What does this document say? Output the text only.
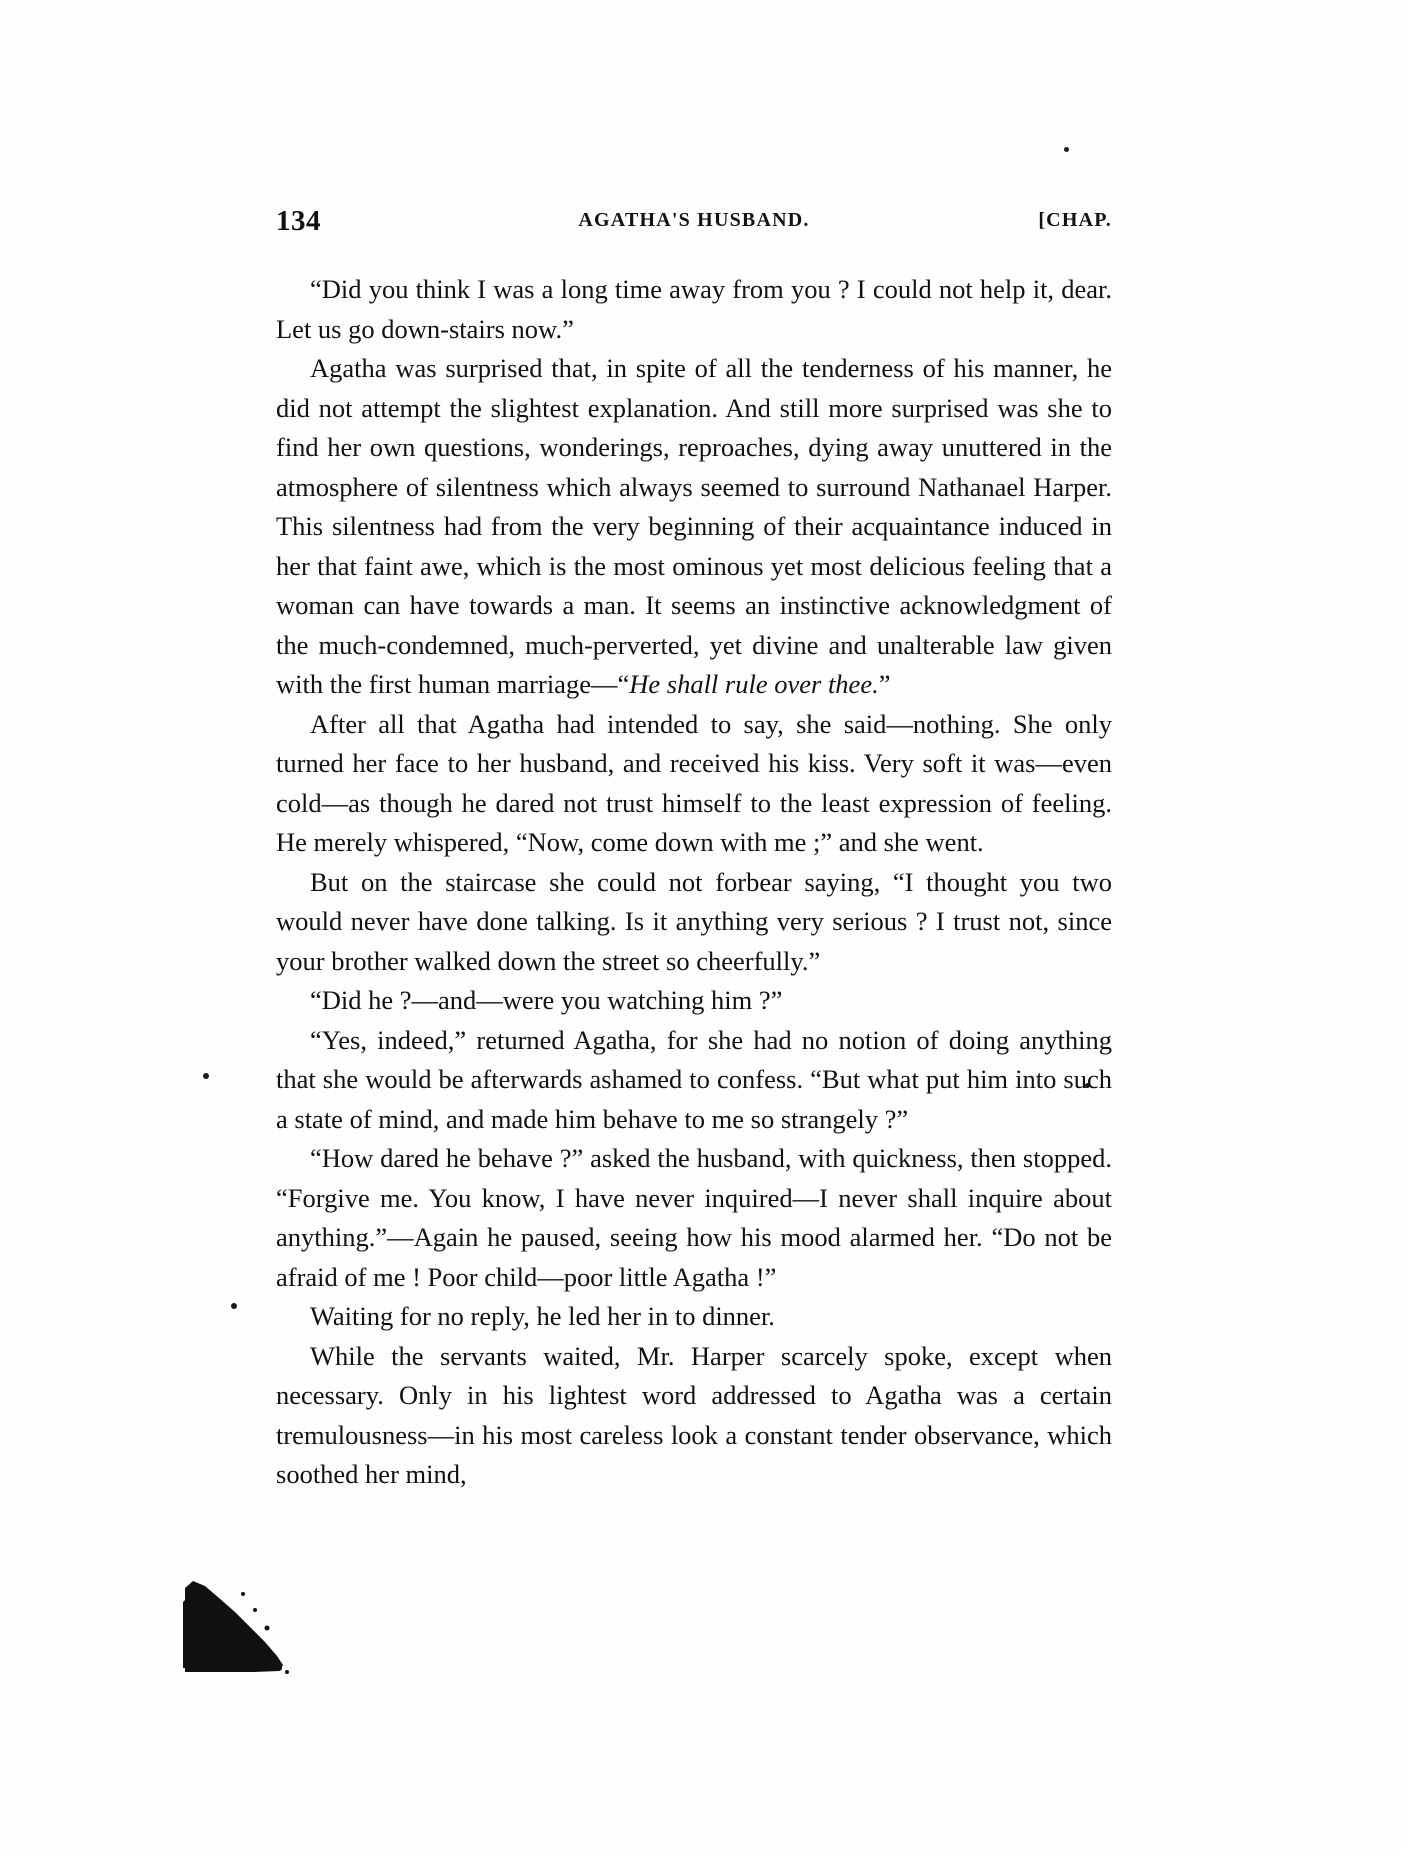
134	AGATHA'S HUSBAND.	[CHAP.

“Did you think I was a long time away from you ? I could not help it, dear. Let us go down-stairs now.”

Agatha was surprised that, in spite of all the tenderness of his manner, he did not attempt the slightest explanation. And still more surprised was she to find her own questions, wonderings, reproaches, dying away unuttered in the atmosphere of silentness which always seemed to surround Nathanael Harper. This silentness had from the very beginning of their acquaintance induced in her that faint awe, which is the most ominous yet most delicious feeling that a woman can have towards a man. It seems an instinctive acknowledgment of the much-condemned, much-perverted, yet divine and unalterable law given with the first human marriage—“He shall rule over thee.”

After all that Agatha had intended to say, she said—nothing. She only turned her face to her husband, and received his kiss. Very soft it was—even cold—as though he dared not trust himself to the least expression of feeling. He merely whispered, “Now, come down with me ;” and she went.

But on the staircase she could not forbear saying, “I thought you two would never have done talking. Is it anything very serious ? I trust not, since your brother walked down the street so cheerfully.”

“Did he ?—and—were you watching him ?”

“Yes, indeed,” returned Agatha, for she had no notion of doing anything that she would be afterwards ashamed to confess. “But what put him into such a state of mind, and made him behave to me so strangely ?”

“How dared he behave ?” asked the husband, with quickness, then stopped. “Forgive me. You know, I have never inquired—I never shall inquire about anything.”—Again he paused, seeing how his mood alarmed her. “Do not be afraid of me ! Poor child—poor little Agatha !”

Waiting for no reply, he led her in to dinner.

While the servants waited, Mr. Harper scarcely spoke, except when necessary. Only in his lightest word addressed to Agatha was a certain tremulousness—in his most careless look a constant tender observance, which soothed her mind,
